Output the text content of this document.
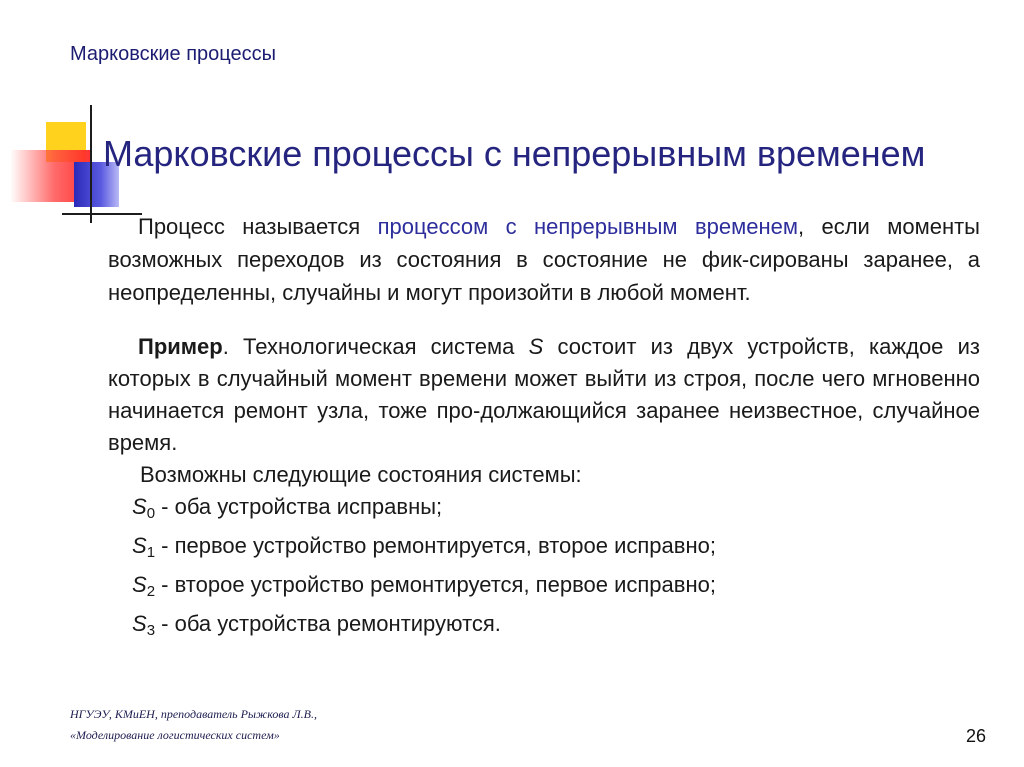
Марковские процессы
Марковские процессы с непрерывным временем

Процесс называется процессом с непрерывным временем, если моменты возможных переходов из состояния в состояние не фик-сированы заранее, а неопределенны, случайны и могут произойти в любой момент.

Пример. Технологическая система S состоит из двух устройств, каждое из которых в случайный момент времени может выйти из строя, после чего мгновенно начинается ремонт узла, тоже про-должающийся заранее неизвестное, случайное время.

Возможны следующие состояния системы:

$S_0$ - оба устройства исправны;
$S_1$ - первое устройство ремонтируется, второе исправно;
$S_2$ - второе устройство ремонтируется, первое исправно;
$S_3$ - оба устройства ремонтируются.
НГУЭУ, КМиЕН, преподаватель Рыжкова Л.В.,
«Моделирование логистических систем»	26
